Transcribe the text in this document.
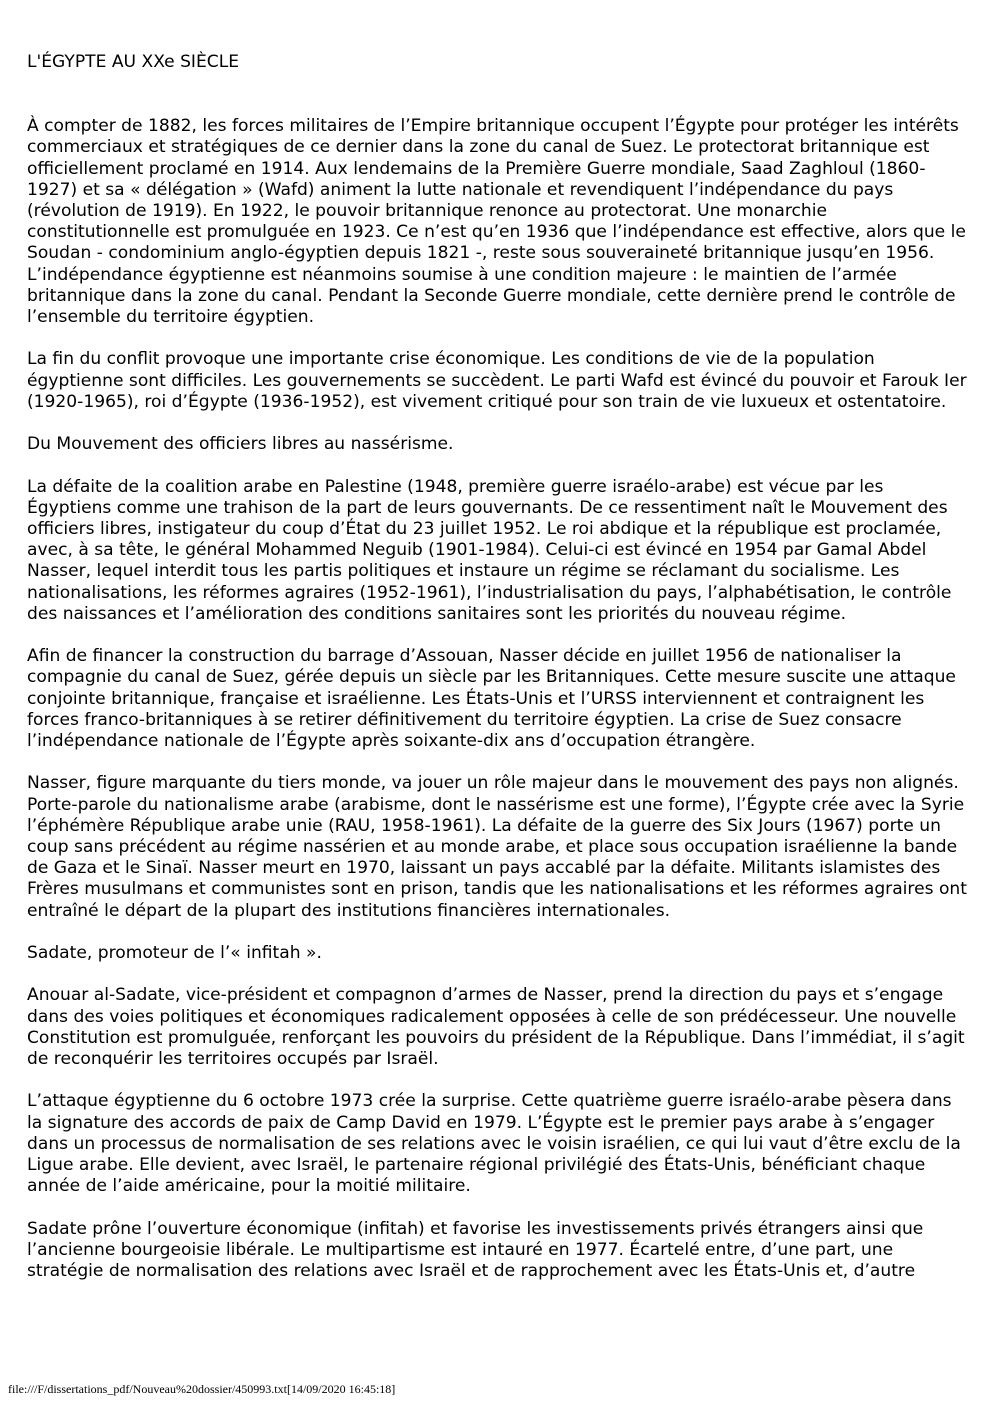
L'ÉGYPTE AU XXe SIÈCLE

À compter de 1882, les forces militaires de l’Empire britannique occupent l’Égypte pour protéger les intérêts commerciaux et stratégiques de ce dernier dans la zone du canal de Suez. Le protectorat britannique est officiellement proclamé en 1914. Aux lendemains de la Première Guerre mondiale, Saad Zaghloul (1860-1927) et sa « délégation » (Wafd) animent la lutte nationale et revendiquent l’indépendance du pays (révolution de 1919). En 1922, le pouvoir britannique renonce au protectorat. Une monarchie constitutionnelle est promulguée en 1923. Ce n’est qu’en 1936 que l’indépendance est effective, alors que le Soudan - condominium anglo-égyptien depuis 1821 -, reste sous souveraineté britannique jusqu’en 1956. L’indépendance égyptienne est néanmoins soumise à une condition majeure : le maintien de l’armée britannique dans la zone du canal. Pendant la Seconde Guerre mondiale, cette dernière prend le contrôle de l’ensemble du territoire égyptien.

La fin du conflit provoque une importante crise économique. Les conditions de vie de la population égyptienne sont difficiles. Les gouvernements se succèdent. Le parti Wafd est évincé du pouvoir et Farouk Ier (1920-1965), roi d’Égypte (1936-1952), est vivement critiqué pour son train de vie luxueux et ostentatoire.

Du Mouvement des officiers libres au nassérisme.

La défaite de la coalition arabe en Palestine (1948, première guerre israélo-arabe) est vécue par les Égyptiens comme une trahison de la part de leurs gouvernants. De ce ressentiment naît le Mouvement des officiers libres, instigateur du coup d’État du 23 juillet 1952. Le roi abdique et la république est proclamée, avec, à sa tête, le général Mohammed Neguib (1901-1984). Celui-ci est évincé en 1954 par Gamal Abdel Nasser, lequel interdit tous les partis politiques et instaure un régime se réclamant du socialisme. Les nationalisations, les réformes agraires (1952-1961), l’industrialisation du pays, l’alphabétisation, le contrôle des naissances et l’amélioration des conditions sanitaires sont les priorités du nouveau régime.

Afin de financer la construction du barrage d’Assouan, Nasser décide en juillet 1956 de nationaliser la compagnie du canal de Suez, gérée depuis un siècle par les Britanniques. Cette mesure suscite une attaque conjointe britannique, française et israélienne. Les États-Unis et l’URSS interviennent et contraignent les forces franco-britanniques à se retirer définitivement du territoire égyptien. La crise de Suez consacre l’indépendance nationale de l’Égypte après soixante-dix ans d’occupation étrangère.

Nasser, figure marquante du tiers monde, va jouer un rôle majeur dans le mouvement des pays non alignés. Porte-parole du nationalisme arabe (arabisme, dont le nassérisme est une forme), l’Égypte crée avec la Syrie l’éphémère République arabe unie (RAU, 1958-1961). La défaite de la guerre des Six Jours (1967) porte un coup sans précédent au régime nassérien et au monde arabe, et place sous occupation israélienne la bande de Gaza et le Sinaï. Nasser meurt en 1970, laissant un pays accablé par la défaite. Militants islamistes des Frères musulmans et communistes sont en prison, tandis que les nationalisations et les réformes agraires ont entraîné le départ de la plupart des institutions financières internationales.

Sadate, promoteur de l’« infitah ».

Anouar al-Sadate, vice-président et compagnon d’armes de Nasser, prend la direction du pays et s’engage dans des voies politiques et économiques radicalement opposées à celle de son prédécesseur. Une nouvelle Constitution est promulguée, renforçant les pouvoirs du président de la République. Dans l’immédiat, il s’agit de reconquérir les territoires occupés par Israël.

L’attaque égyptienne du 6 octobre 1973 crée la surprise. Cette quatrième guerre israélo-arabe pèsera dans la signature des accords de paix de Camp David en 1979. L’Égypte est le premier pays arabe à s’engager dans un processus de normalisation de ses relations avec le voisin israélien, ce qui lui vaut d’être exclu de la Ligue arabe. Elle devient, avec Israël, le partenaire régional privilégié des États-Unis, bénéficiant chaque année de l’aide américaine, pour la moitié militaire.

Sadate prône l’ouverture économique (infitah) et favorise les investissements privés étrangers ainsi que l’ancienne bourgeoisie libérale. Le multipartisme est intauré en 1977. Écartelé entre, d’une part, une stratégie de normalisation des relations avec Israël et de rapprochement avec les États-Unis et, d’autre

file:///F/dissertations_pdf/Nouveau%20dossier/450993.txt[14/09/2020 16:45:18]
